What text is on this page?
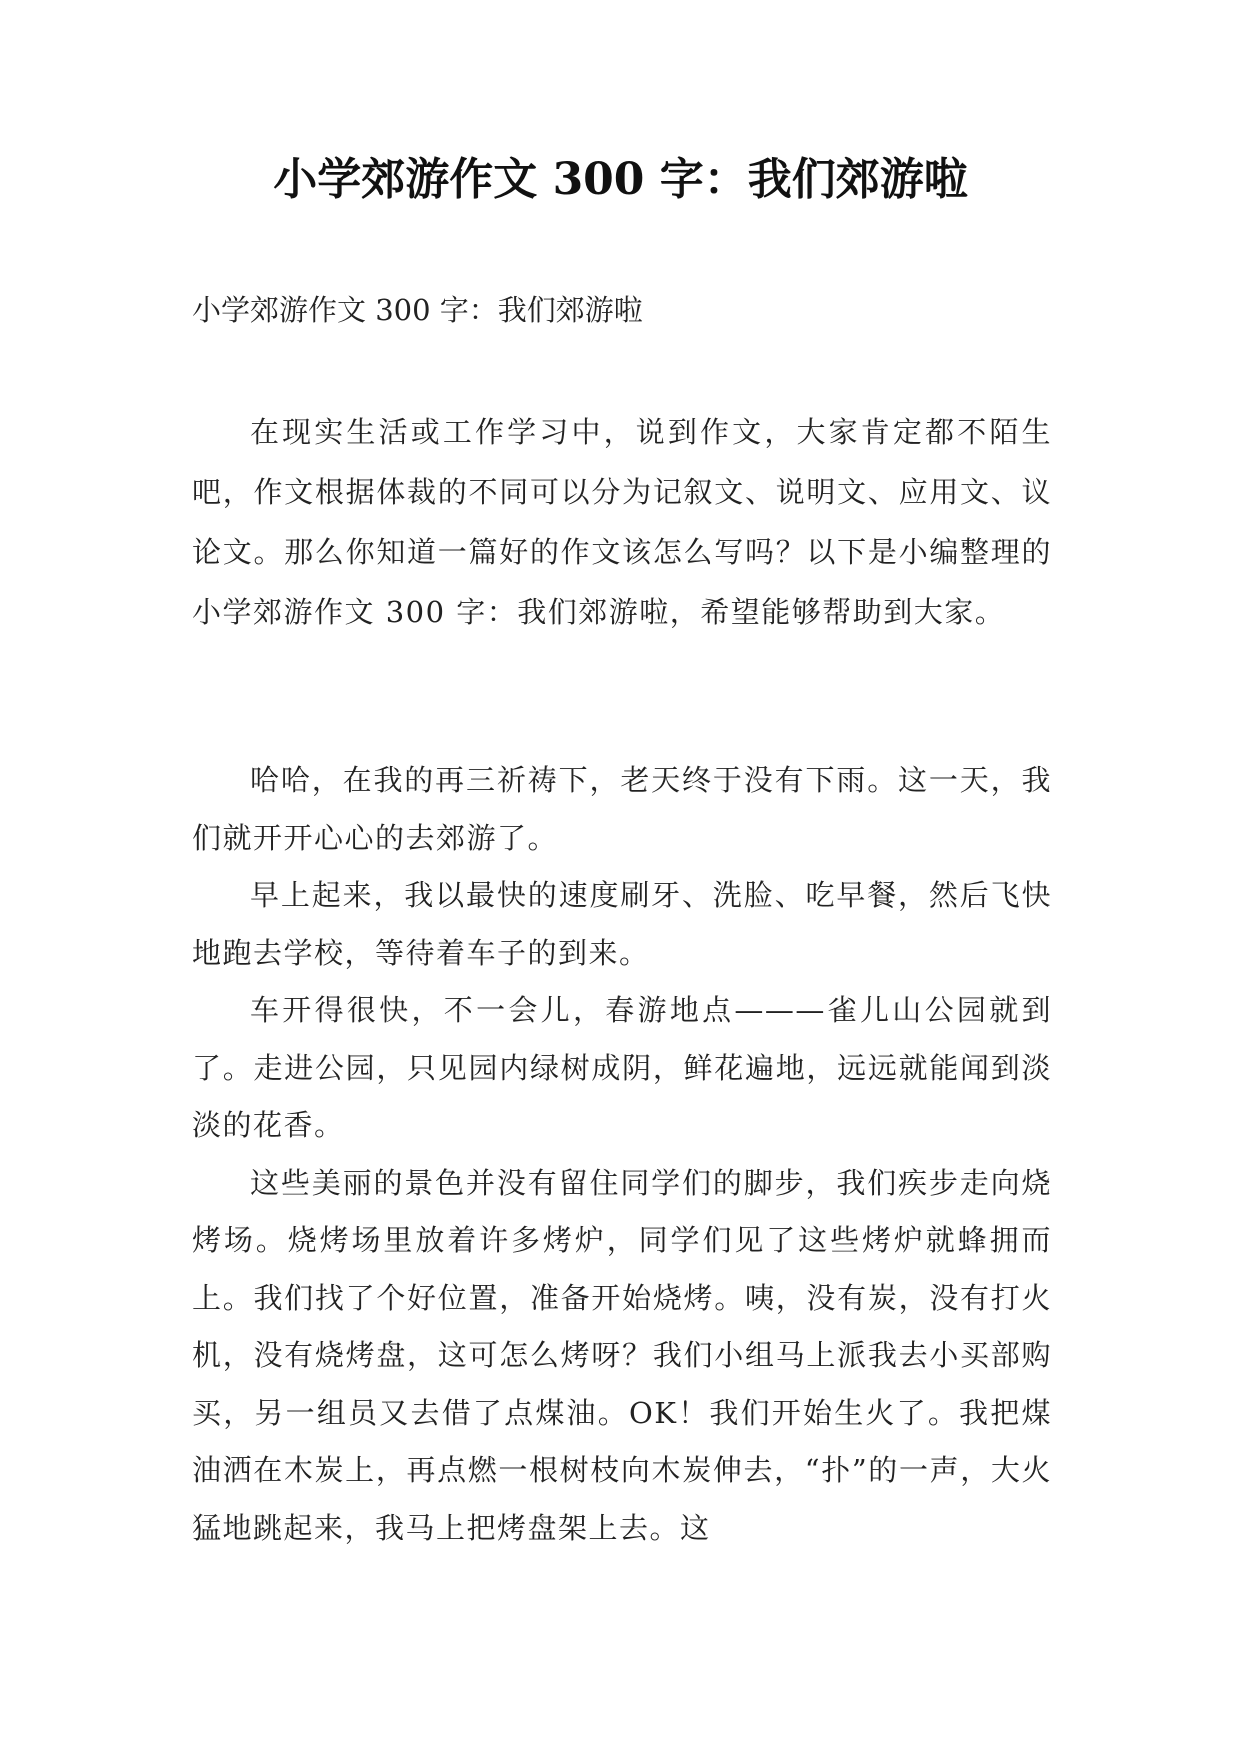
小学郊游作文 300 字：我们郊游啦
小学郊游作文 300 字：我们郊游啦

在现实生活或工作学习中，说到作文，大家肯定都不陌生吧，作文根据体裁的不同可以分为记叙文、说明文、应用文、议论文。那么你知道一篇好的作文该怎么写吗？以下是小编整理的小学郊游作文 300 字：我们郊游啦，希望能够帮助到大家。

哈哈，在我的再三祈祷下，老天终于没有下雨。这一天，我们就开开心心的去郊游了。

早上起来，我以最快的速度刷牙、洗脸、吃早餐，然后飞快地跑去学校，等待着车子的到来。

车开得很快，不一会儿，春游地点———雀儿山公园就到了。走进公园，只见园内绿树成阴，鲜花遍地，远远就能闻到淡淡的花香。

这些美丽的景色并没有留住同学们的脚步，我们疾步走向烧烤场。烧烤场里放着许多烤炉，同学们见了这些烤炉就蜂拥而上。我们找了个好位置，准备开始烧烤。咦，没有炭，没有打火机，没有烧烤盘，这可怎么烤呀？我们小组马上派我去小买部购买，另一组员又去借了点煤油。OK！我们开始生火了。我把煤油洒在木炭上，再点燃一根树枝向木炭伸去，“扑”的一声，大火猛地跳起来，我马上把烤盘架上去。这
